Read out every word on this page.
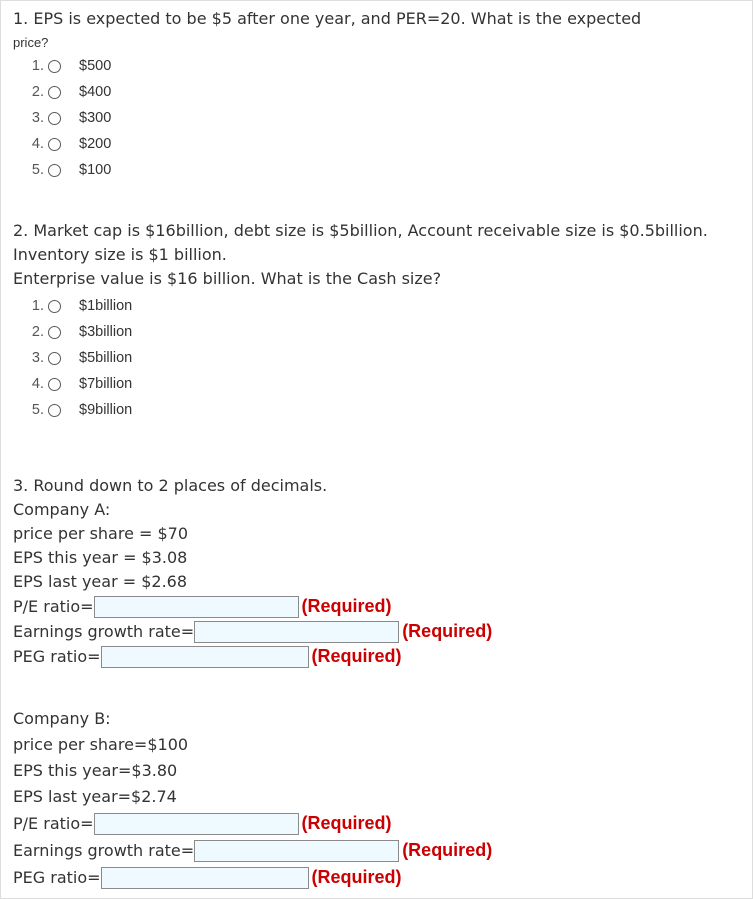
1. EPS is expected to be $5 after one year, and PER=20. What is the expected

price?

1. $500
2. $400
3. $300
4. $200
5. $100

2. Market cap is $16billion, debt size is $5billion, Account receivable size is $0.5billion.

Inventory size is $1 billion.

Enterprise value is $16 billion. What is the Cash size?

1. $1billion
2. $3billion
3. $5billion
4. $7billion
5. $9billion
3. Round down to 2 places of decimals.
Company A:
price per share = $70
EPS this year = $3.08
EPS last year = $2.68
P/E ratio=	(Required)
Earnings growth rate=	(Required)
PEG ratio=	(Required)
Company B:
price per share=$100
EPS this year=$3.80
EPS last year=$2.74
P/E ratio=	(Required)
Earnings growth rate=	(Required)
PEG ratio=	(Required)
